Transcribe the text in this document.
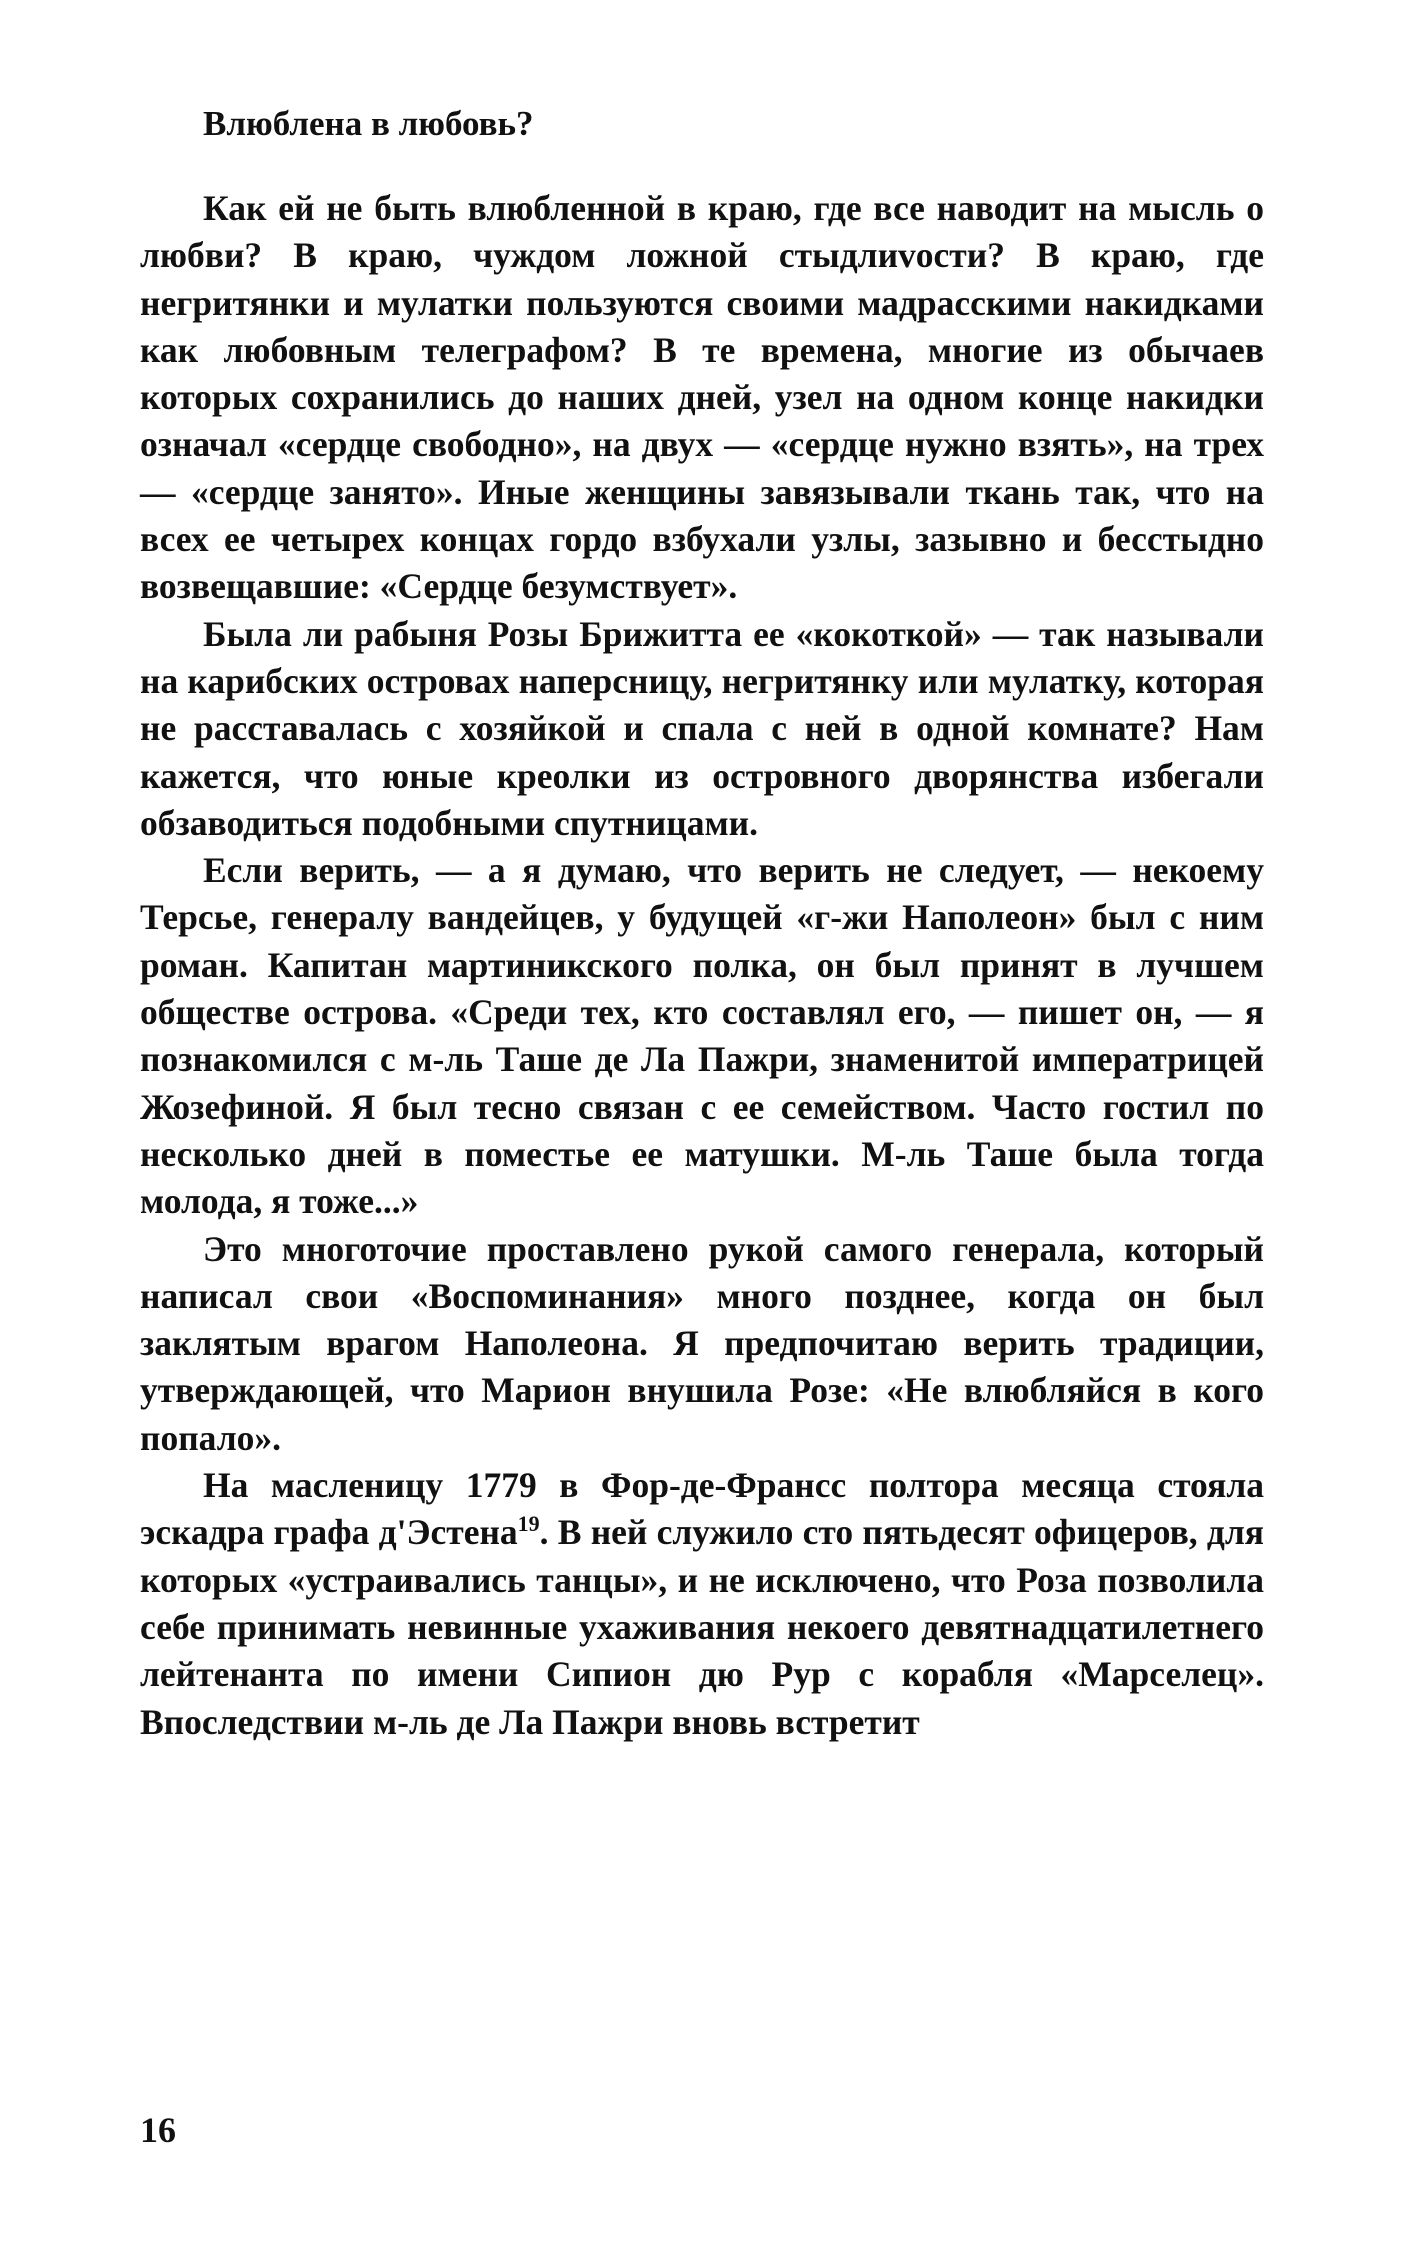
Влюблена в любовь?

Как ей не быть влюбленной в краю, где все наводит на мысль о любви? В краю, чуждом ложной стыдлиvости? В краю, где негритянки и мулатки пользуются своими мадрасскими накидками как любовным телеграфом? В те времена, многие из обычаев которых сохранились до наших дней, узел на одном конце накидки означал «сердце свободно», на двух — «сердце нужно взять», на трех — «сердце занято». Иные женщины завязывали ткань так, что на всех ее четырех концах гордо взбухали узлы, зазывно и бесстыдно возвещавшие: «Сердце безумствует».

Была ли рабыня Розы Брижитта ее «кокоткой» — так называли на карибских островах наперсницу, негритянку или мулатку, которая не расставалась с хозяйкой и спала с ней в одной комнате? Нам кажется, что юные креолки из островного дворянства избегали обзаводиться подобными спутницами.

Если верить, — а я думаю, что верить не следует, — некоему Терсье, генералу вандейцев, у будущей «г-жи Наполеон» был с ним роман. Капитан мартиникского полка, он был принят в лучшем обществе острова. «Среди тех, кто составлял его, — пишет он, — я познакомился с м-ль Таше де Ла Пажри, знаменитой императрицей Жозефиной. Я был тесно связан с ее семейством. Часто гостил по несколько дней в поместье ее матушки. М-ль Таше была тогда молода, я тоже...»

Это многоточие проставлено рукой самого генерала, который написал свои «Воспоминания» много позднее, когда он был заклятым врагом Наполеона. Я предпочитаю верить традиции, утверждающей, что Марион внушила Розе: «Не влюбляйся в кого попало».

На масленицу 1779 в Фор-де-Франсс полтора месяца стояла эскадра графа д'Эстена$^{19}$. В ней служило сто пятьдесят офицеров, для которых «устраивались танцы», и не исключено, что Роза позволила себе принимать невинные ухаживания некоего девятнадцатилетнего лейтенанта по имени Сипион дю Рур с корабля «Марселец». Впоследствии м-ль де Ла Пажри вновь встретит

16
